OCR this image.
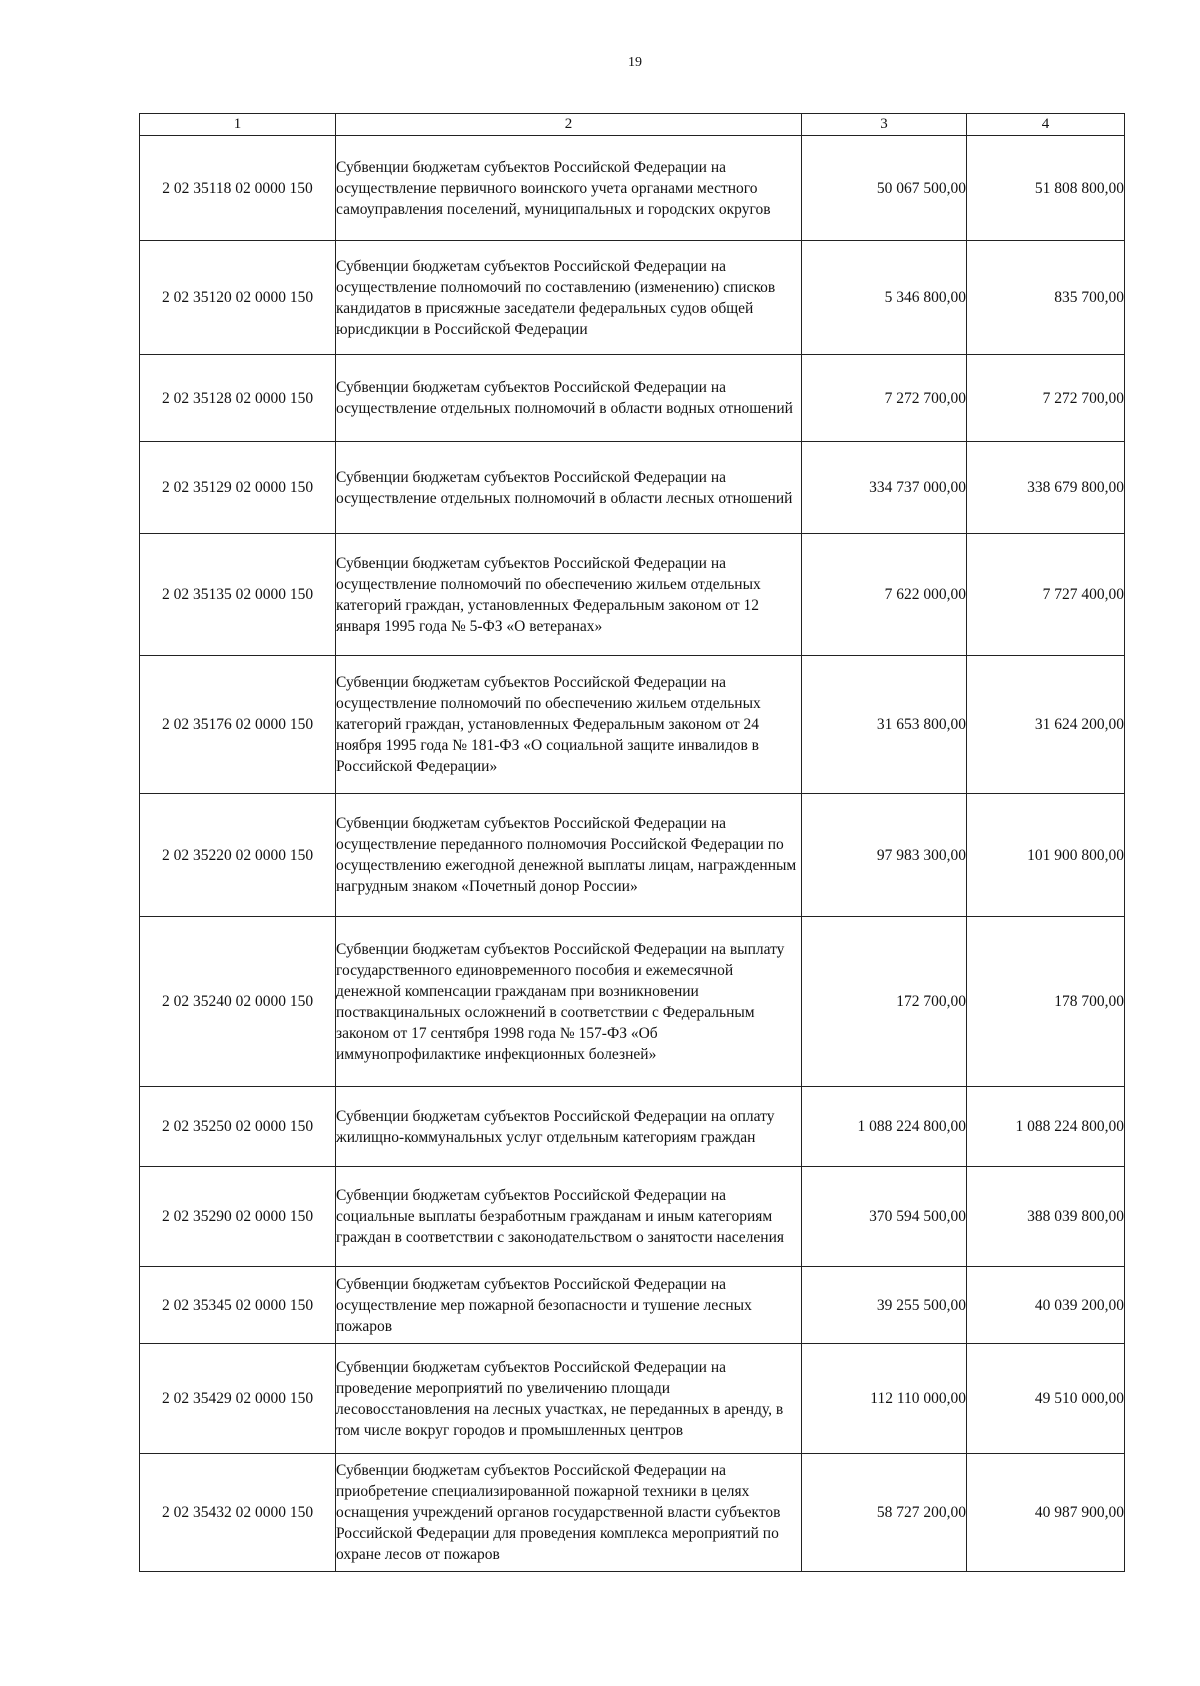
19
1	2	3	4
2 02 35118 02 0000 150	Субвенции бюджетам субъектов Российской Федерации на осуществление первичного воинского учета органами местного самоуправления поселений, муниципальных и городских округов	50 067 500,00	51 808 800,00
2 02 35120 02 0000 150	Субвенции бюджетам субъектов Российской Федерации на осуществление полномочий по составлению (изменению) списков кандидатов в присяжные заседатели федеральных судов общей юрисдикции в Российской Федерации	5 346 800,00	835 700,00
2 02 35128 02 0000 150	Субвенции бюджетам субъектов Российской Федерации на осуществление отдельных полномочий в области водных отношений	7 272 700,00	7 272 700,00
2 02 35129 02 0000 150	Субвенции бюджетам субъектов Российской Федерации на осуществление отдельных полномочий в области лесных отношений	334 737 000,00	338 679 800,00
2 02 35135 02 0000 150	Субвенции бюджетам субъектов Российской Федерации на осуществление полномочий по обеспечению жильем отдельных категорий граждан, установленных Федеральным законом от 12 января 1995 года № 5-ФЗ «О ветеранах»	7 622 000,00	7 727 400,00
2 02 35176 02 0000 150	Субвенции бюджетам субъектов Российской Федерации на осуществление полномочий по обеспечению жильем отдельных категорий граждан, установленных Федеральным законом от 24 ноября 1995 года № 181-ФЗ «О социальной защите инвалидов в Российской Федерации»	31 653 800,00	31 624 200,00
2 02 35220 02 0000 150	Субвенции бюджетам субъектов Российской Федерации на осуществление переданного полномочия Российской Федерации по осуществлению ежегодной денежной выплаты лицам, награжденным нагрудным знаком «Почетный донор России»	97 983 300,00	101 900 800,00
2 02 35240 02 0000 150	Субвенции бюджетам субъектов Российской Федерации на выплату государственного единовременного пособия и ежемесячной денежной компенсации гражданам при возникновении поствакцинальных осложнений в соответствии с Федеральным законом от 17 сентября 1998 года № 157-ФЗ «Об иммунопрофилактике инфекционных болезней»	172 700,00	178 700,00
2 02 35250 02 0000 150	Субвенции бюджетам субъектов Российской Федерации на оплату жилищно-коммунальных услуг отдельным категориям граждан	1 088 224 800,00	1 088 224 800,00
2 02 35290 02 0000 150	Субвенции бюджетам субъектов Российской Федерации на социальные выплаты безработным гражданам и иным категориям граждан в соответствии с законодательством о занятости населения	370 594 500,00	388 039 800,00
2 02 35345 02 0000 150	Субвенции бюджетам субъектов Российской Федерации на осуществление мер пожарной безопасности и тушение лесных пожаров	39 255 500,00	40 039 200,00
2 02 35429 02 0000 150	Субвенции бюджетам субъектов Российской Федерации на проведение мероприятий по увеличению площади лесовосстановления на лесных участках, не переданных в аренду, в том числе вокруг городов и промышленных центров	112 110 000,00	49 510 000,00
2 02 35432 02 0000 150	Субвенции бюджетам субъектов Российской Федерации на приобретение специализированной пожарной техники в целях оснащения учреждений органов государственной власти субъектов Российской Федерации для проведения комплекса мероприятий по охране лесов от пожаров	58 727 200,00	40 987 900,00
